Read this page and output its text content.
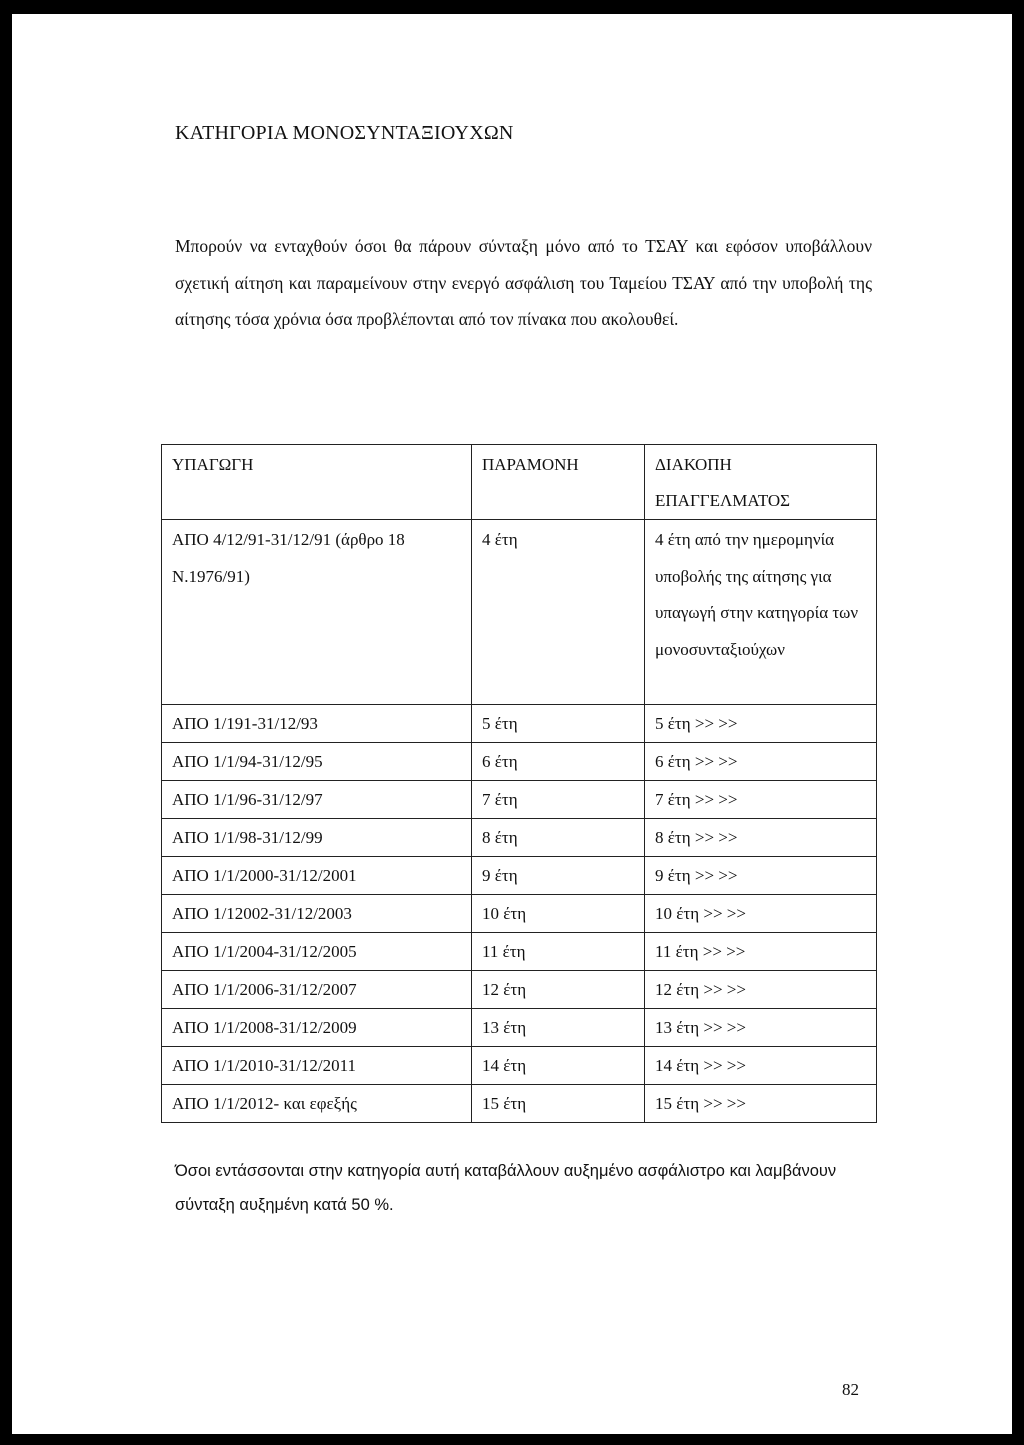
ΚΑΤΗΓΟΡΙΑ ΜΟΝΟΣΥΝΤΑΞΙΟΥΧΩΝ

Μπορούν να ενταχθούν όσοι θα πάρουν σύνταξη μόνο από το ΤΣΑΥ και εφόσον υποβάλλουν σχετική αίτηση και παραμείνουν στην ενεργό ασφάλιση του Ταμείου ΤΣΑΥ από την υποβολή της αίτησης τόσα χρόνια όσα προβλέπονται από τον πίνακα που ακολουθεί.

ΥΠΑΓΩΓΗ	ΠΑΡΑΜΟΝΗ	ΔΙΑΚΟΠΗ ΕΠΑΓΓΕΛΜΑΤΟΣ
ΑΠΟ 4/12/91-31/12/91 (άρθρο 18 Ν.1976/91)	4 έτη	4 έτη από την ημερομηνία υποβολής της αίτησης για υπαγωγή στην κατηγορία των μονοσυνταξιούχων
ΑΠΟ 1/191-31/12/93	5 έτη	5 έτη >> >>
ΑΠΟ 1/1/94-31/12/95	6 έτη	6 έτη >> >>
ΑΠΟ 1/1/96-31/12/97	7 έτη	7 έτη >> >>
ΑΠΟ 1/1/98-31/12/99	8 έτη	8 έτη >> >>
ΑΠΟ 1/1/2000-31/12/2001	9 έτη	9 έτη >> >>
ΑΠΟ 1/12002-31/12/2003	10 έτη	10 έτη >> >>
ΑΠΟ 1/1/2004-31/12/2005	11 έτη	11 έτη >> >>
ΑΠΟ 1/1/2006-31/12/2007	12 έτη	12 έτη >> >>
ΑΠΟ 1/1/2008-31/12/2009	13 έτη	13 έτη >> >>
ΑΠΟ 1/1/2010-31/12/2011	14 έτη	14 έτη >> >>
ΑΠΟ 1/1/2012- και εφεξής	15 έτη	15 έτη >> >>

Όσοι εντάσσονται στην κατηγορία αυτή καταβάλλουν αυξημένο ασφάλιστρο και λαμβάνουν σύνταξη αυξημένη κατά 50 %.

82
